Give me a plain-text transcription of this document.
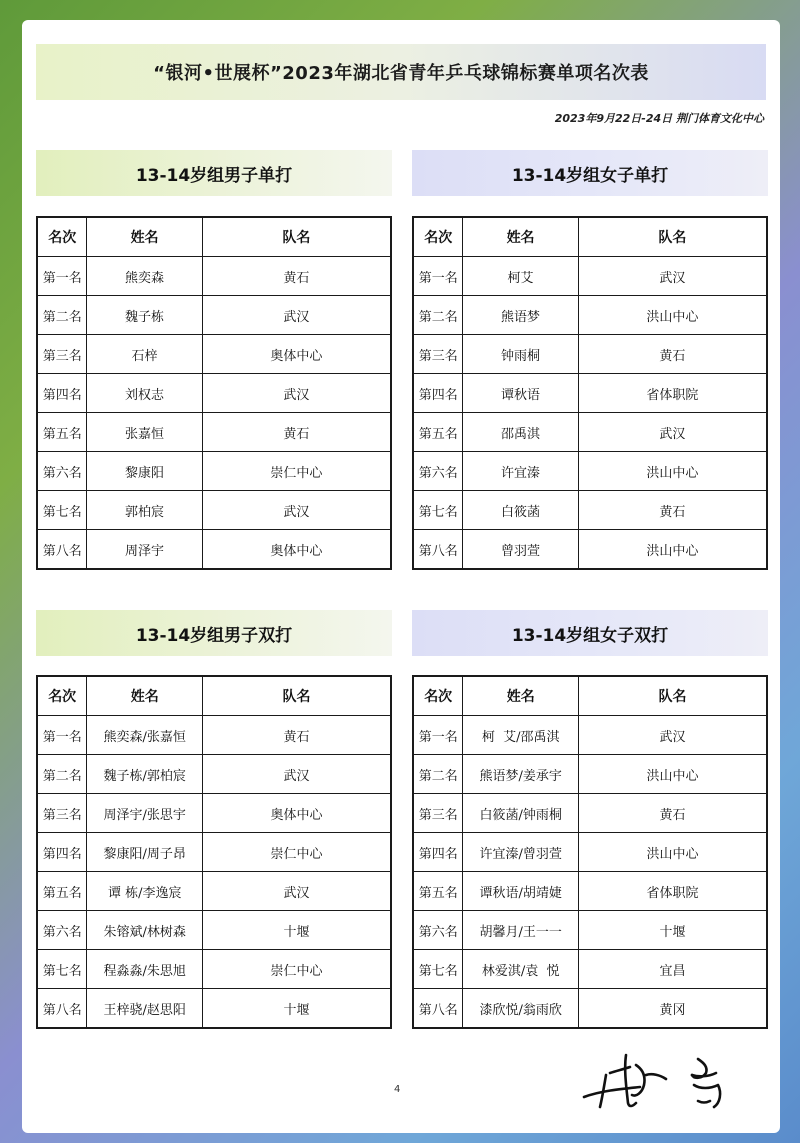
“银河•世展杯”2023年湖北省青年乒乓球锦标赛单项名次表
2023年9月22日-24日 荆门体育文化中心
13-14岁组男子单打
名次	姓名	队名
第一名	熊奕森	黄石
第二名	魏子栋	武汉
第三名	石梓	奥体中心
第四名	刘权志	武汉
第五名	张嘉恒	黄石
第六名	黎康阳	崇仁中心
第七名	郭柏宸	武汉
第八名	周泽宇	奥体中心
13-14岁组女子单打
名次	姓名	队名
第一名	柯艾	武汉
第二名	熊语梦	洪山中心
第三名	钟雨桐	黄石
第四名	谭秋语	省体职院
第五名	邵禹淇	武汉
第六名	许宜溱	洪山中心
第七名	白筱菡	黄石
第八名	曾羽萱	洪山中心
13-14岁组男子双打
名次	姓名	队名
第一名	熊奕森/张嘉恒	黄石
第二名	魏子栋/郭柏宸	武汉
第三名	周泽宇/张思宇	奥体中心
第四名	黎康阳/周子昂	崇仁中心
第五名	谭 栋/李逸宸	武汉
第六名	朱镕斌/林树森	十堰
第七名	程淼淼/朱思旭	崇仁中心
第八名	王梓骁/赵思阳	十堰
13-14岁组女子双打
名次	姓名	队名
第一名	柯  艾/邵禹淇	武汉
第二名	熊语梦/姜承宇	洪山中心
第三名	白筱菡/钟雨桐	黄石
第四名	许宜溱/曾羽萱	洪山中心
第五名	谭秋语/胡靖婕	省体职院
第六名	胡馨月/王一一	十堰
第七名	林爱淇/袁  悦	宜昌
第八名	漆欣悦/翁雨欣	黄冈
4
